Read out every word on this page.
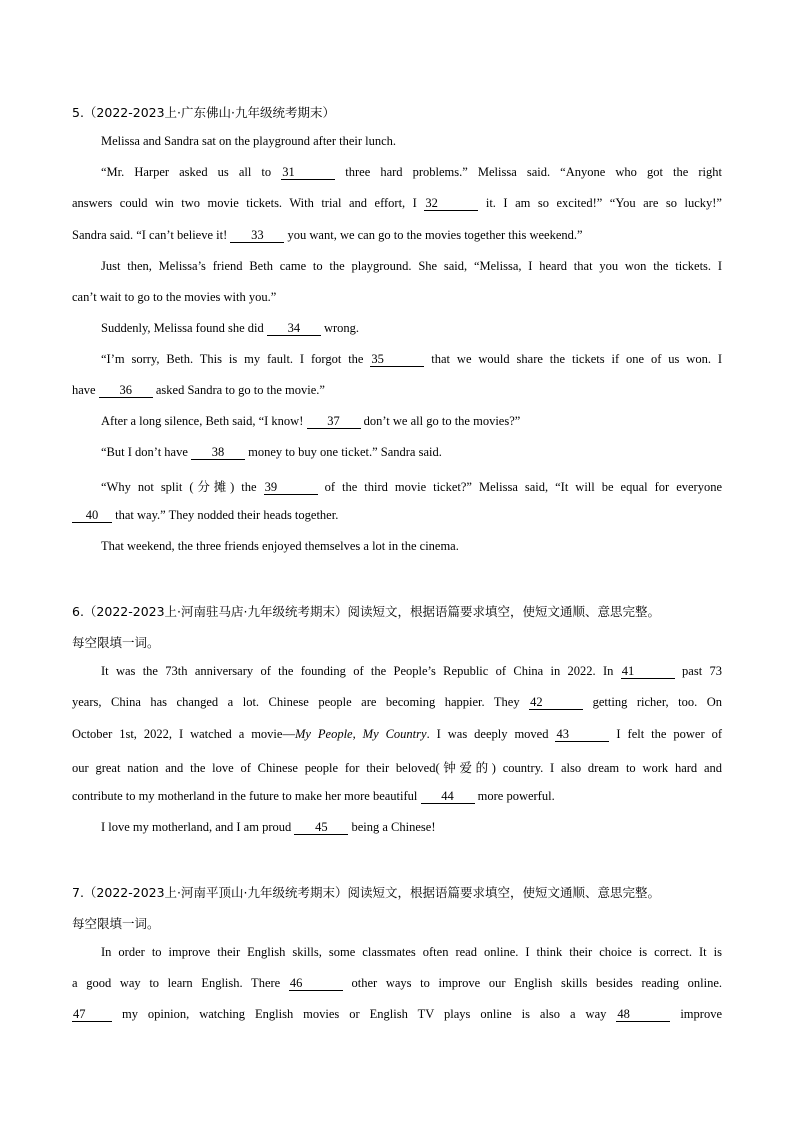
5.（2022-2023上·广东佛山·九年级统考期末）
Melissa and Sandra sat on the playground after their lunch.
“Mr. Harper asked us all to 31	three hard problems.” Melissa said. “Anyone who got the right
answers could win two movie tickets. With trial and effort, I 32	it. I am so excited!” “You are so lucky!”
Sandra said. “I can’t believe it! 33 you want, we can go to the movies together this weekend.”
Just then, Melissa’s friend Beth came to the playground. She said, “Melissa, I heard that you won the tickets. I
can’t wait to go to the movies with you.”
Suddenly, Melissa found she did 34 wrong.
“I’m sorry, Beth. This is my fault. I forgot the 35	that we would share the tickets if one of us won. I
have 36 asked Sandra to go to the movie.”
After a long silence, Beth said, “I know! 37 don’t we all go to the movies?”
“But I don’t have 38 money to buy one ticket.” Sandra said.
“Why not split (分摊) the 39	of the third movie ticket?” Melissa said, “It will be equal for everyone
40 that way.” They nodded their heads together.
That weekend, the three friends enjoyed themselves a lot in the cinema.
6.（2022-2023上·河南驻马店·九年级统考期末）阅读短文，根据语篇要求填空，使短文通顺、意思完整。
每空限填一词。
It was the 73th anniversary of the founding of the People’s Republic of China in 2022. In 41	past 73
years, China has changed a lot. Chinese people are becoming happier. They 42	getting richer, too. On
October 1st, 2022, I watched a movie—My People, My Country. I was deeply moved 43	I felt the power of
our great nation and the love of Chinese people for their beloved(钟爱的) country. I also dream to work hard and
contribute to my motherland in the future to make her more beautiful 44 more powerful.
I love my motherland, and I am proud 45 being a Chinese!
7.（2022-2023上·河南平顶山·九年级统考期末）阅读短文，根据语篇要求填空，使短文通顺、意思完整。
每空限填一词。
In order to improve their English skills, some classmates often read online. I think their choice is correct. It is
a good way to learn English. There 46	other ways to improve our English skills besides reading online.
47 my opinion, watching English movies or English TV plays online is also a way 48	improve
